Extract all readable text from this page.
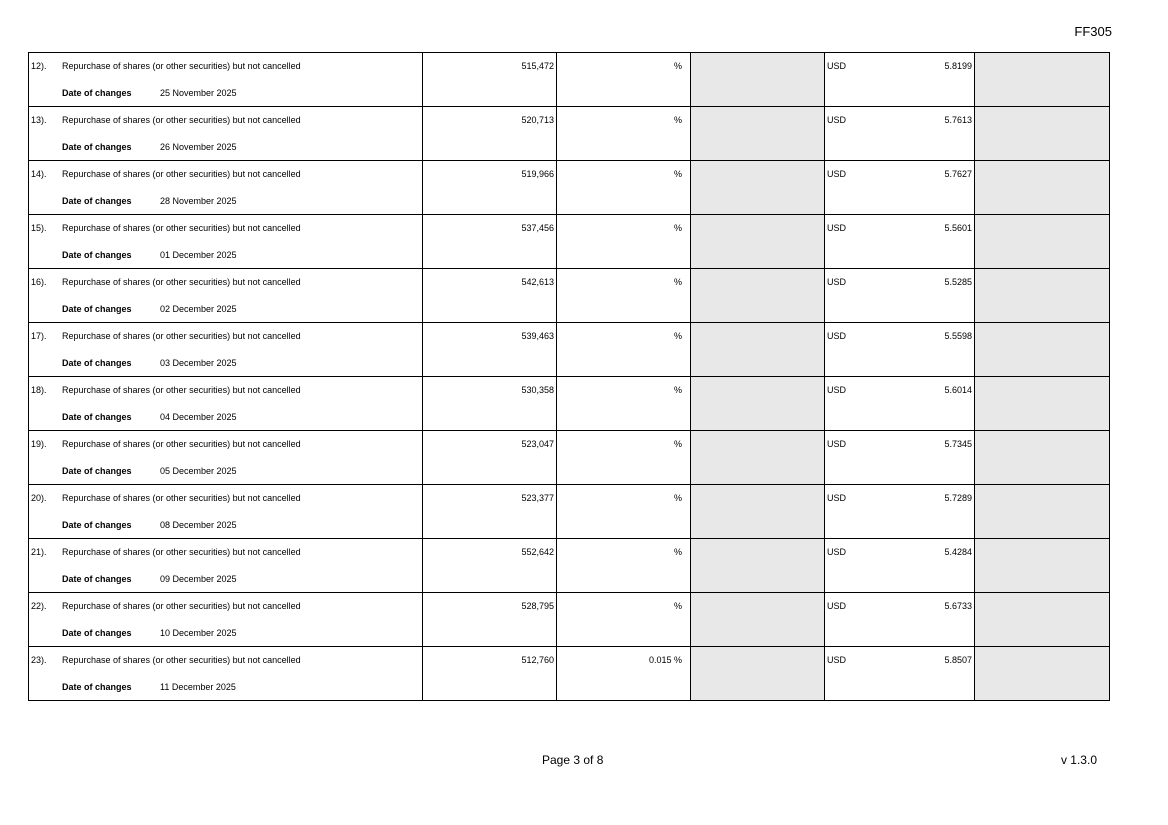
FF305
12). Repurchase of shares (or other securities) but not cancelled
Date of changes 25 November 2025	515,472	%		USD 5.8199	

13). Repurchase of shares (or other securities) but not cancelled
Date of changes 26 November 2025	520,713	%		USD 5.7613	

14). Repurchase of shares (or other securities) but not cancelled
Date of changes 28 November 2025	519,966	%		USD 5.7627	

15). Repurchase of shares (or other securities) but not cancelled
Date of changes 01 December 2025	537,456	%		USD 5.5601	

16). Repurchase of shares (or other securities) but not cancelled
Date of changes 02 December 2025	542,613	%		USD 5.5285	

17). Repurchase of shares (or other securities) but not cancelled
Date of changes 03 December 2025	539,463	%		USD 5.5598	

18). Repurchase of shares (or other securities) but not cancelled
Date of changes 04 December 2025	530,358	%		USD 5.6014	

19). Repurchase of shares (or other securities) but not cancelled
Date of changes 05 December 2025	523,047	%		USD 5.7345	

20). Repurchase of shares (or other securities) but not cancelled
Date of changes 08 December 2025	523,377	%		USD 5.7289	

21). Repurchase of shares (or other securities) but not cancelled
Date of changes 09 December 2025	552,642	%		USD 5.4284	

22). Repurchase of shares (or other securities) but not cancelled
Date of changes 10 December 2025	528,795	%		USD 5.6733	

23). Repurchase of shares (or other securities) but not cancelled
Date of changes 11 December 2025	512,760	0.015 %		USD 5.8507	

Page 3 of 8	v 1.3.0
